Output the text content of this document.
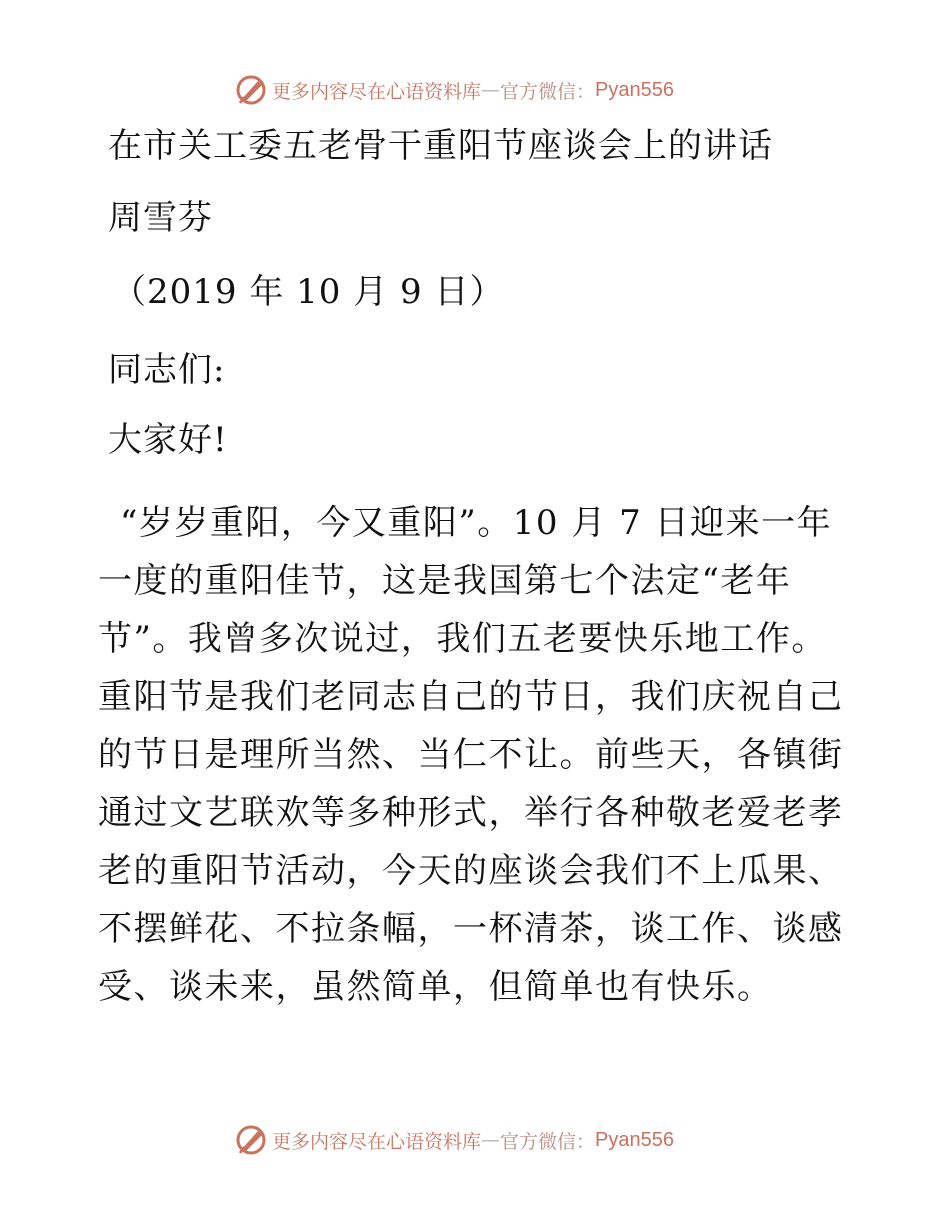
更多内容尽在心语资料库 — 官方微信： Pyan556
在市关工委五老骨干重阳节座谈会上的讲话
周雪芬
（2019 年 10 月 9 日）
同志们:
大家好!

“岁岁重阳，今又重阳”。10 月 7 日迎来一年一度的重阳佳节，这是我国第七个法定“老年节”。我曾多次说过，我们五老要快乐地工作。重阳节是我们老同志自己的节日，我们庆祝自己的节日是理所当然、当仁不让。前些天，各镇街通过文艺联欢等多种形式，举行各种敬老爱老孝老的重阳节活动，今天的座谈会我们不上瓜果、不摆鲜花、不拉条幅，一杯清茶，谈工作、谈感受、谈未来，虽然简单，但简单也有快乐。

更多内容尽在心语资料库 — 官方微信： Pyan556
